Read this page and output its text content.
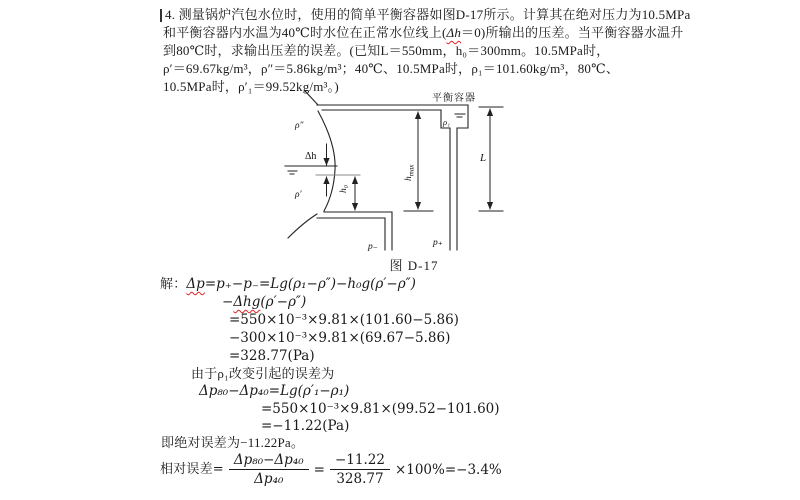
4. 测量锅炉汽包水位时，使用的简单平衡容器如图D-17所示。计算其在绝对压力为10.5MPa
和平衡容器内水温为40℃时水位在正常水位线上(Δh＝0)所输出的压差。当平衡容器水温升
到80℃时，求输出压差的误差。(已知L＝550mm，h₀＝300mm。10.5MPa时，
ρ′＝69.67kg/m³，ρ″＝5.86kg/m³；40℃、10.5MPa时，ρ₁＝101.60kg/m³，80℃、
10.5MPa时，ρ′₁＝99.52kg/m³。)
平衡容器
ρ″
Δh
ρ′
h₀
$h_{max}$
ρ₁
L
p₋	p₊
图 D-17
解：Δp=p₊−p₋=Lg(ρ₁−ρ″)−h₀g(ρ′−ρ″)
−Δhg(ρ′−ρ″)
=550×10⁻³×9.81×(101.60−5.86)
−300×10⁻³×9.81×(69.67−5.86)
=328.77(Pa)
由于ρ₁改变引起的误差为
Δp₈₀−Δp₄₀=Lg(ρ′₁−ρ₁)
=550×10⁻³×9.81×(99.52−101.60)
=−11.22(Pa)
即绝对误差为−11.22Pa。
相对误差= $\frac{\text{Δp₈₀−Δp₄₀}}{\text{Δp₄₀}} = \frac{-11.22}{328.77} \times 100\%=-3.4\%$
